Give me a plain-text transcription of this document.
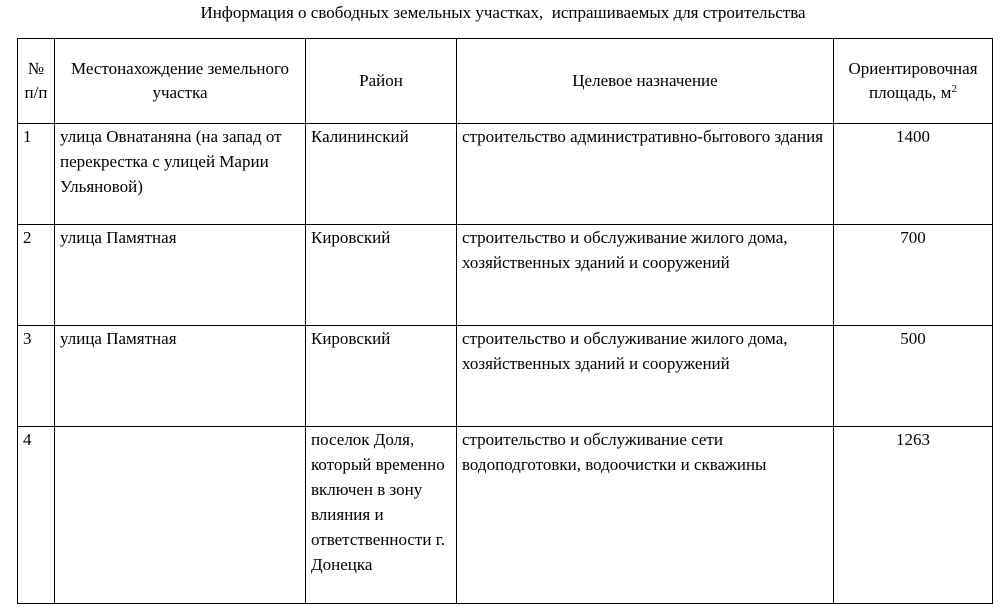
Информация о свободных земельных участках,  испрашиваемых для строительства
№ п/п	Местонахождение земельного участка	Район	Целевое назначение	Ориентировочная площадь, $м^2$
1	улица Овнатаняна (на запад от перекрестка с улицей Марии Ульяновой)	Калининский	строительство административно-бытового здания	1400
2	улица Памятная	Кировский	строительство и обслуживание жилого дома, хозяйственных зданий и сооружений	700
3	улица Памятная	Кировский	строительство и обслуживание жилого дома, хозяйственных зданий и сооружений	500
4		поселок Доля, который временно включен в зону влияния и ответственности г. Донецка	строительство и обслуживание сети водоподготовки, водоочистки и скважины	1263
